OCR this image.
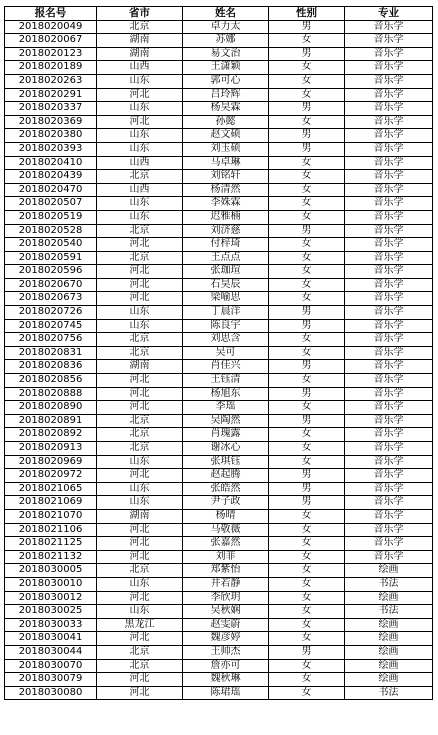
报名号	省市	姓名	性别	专业
2018020049	北京	卓力太	男	音乐学
2018020067	湖南	苏娜	女	音乐学
2018020123	湖南	易文治	男	音乐学
2018020189	山西	王潇颖	女	音乐学
2018020263	山东	郭可心	女	音乐学
2018020291	河北	吕玲辉	女	音乐学
2018020337	山东	杨昊霖	男	音乐学
2018020369	河北	孙懿	女	音乐学
2018020380	山东	赵文硕	男	音乐学
2018020393	山东	刘玉硕	男	音乐学
2018020410	山西	马卓琳	女	音乐学
2018020439	北京	刘铭轩	女	音乐学
2018020470	山西	杨清然	女	音乐学
2018020507	山东	李姝霖	女	音乐学
2018020519	山东	迟雅楠	女	音乐学
2018020528	北京	刘济慈	男	音乐学
2018020540	河北	付梓琦	女	音乐学
2018020591	北京	王点点	女	音乐学
2018020596	河北	张珈瑄	女	音乐学
2018020670	河北	石昊辰	女	音乐学
2018020673	河北	梁喻思	女	音乐学
2018020726	山东	丁晨洋	男	音乐学
2018020745	山东	陈良宇	男	音乐学
2018020756	北京	刘思含	女	音乐学
2018020831	北京	吴可	女	音乐学
2018020836	湖南	肖佳兴	男	音乐学
2018020856	河北	王钰清	女	音乐学
2018020888	河北	杨旭东	男	音乐学
2018020890	河北	李瑶	女	音乐学
2018020891	北京	吴陶然	男	音乐学
2018020892	北京	肖瑰露	女	音乐学
2018020913	北京	谢冰心	女	音乐学
2018020969	山东	张琪钰	女	音乐学
2018020972	河北	赵起腾	男	音乐学
2018021065	山东	张皓然	男	音乐学
2018021069	山东	尹子政	男	音乐学
2018021070	湖南	杨晴	女	音乐学
2018021106	河北	马敬薇	女	音乐学
2018021125	河北	张嘉然	女	音乐学
2018021132	河北	刘菲	女	音乐学
2018030005	北京	郑紫怡	女	绘画
2018030010	山东	井若静	女	书法
2018030012	河北	李欣玥	女	绘画
2018030025	山东	吴秋娴	女	书法
2018030033	黑龙江	赵雯蔚	女	绘画
2018030041	河北	魏彦婷	女	绘画
2018030044	北京	王帅杰	男	绘画
2018030070	北京	詹亦可	女	绘画
2018030079	河北	魏秋琳	女	绘画
2018030080	河北	陈珺瑶	女	书法
